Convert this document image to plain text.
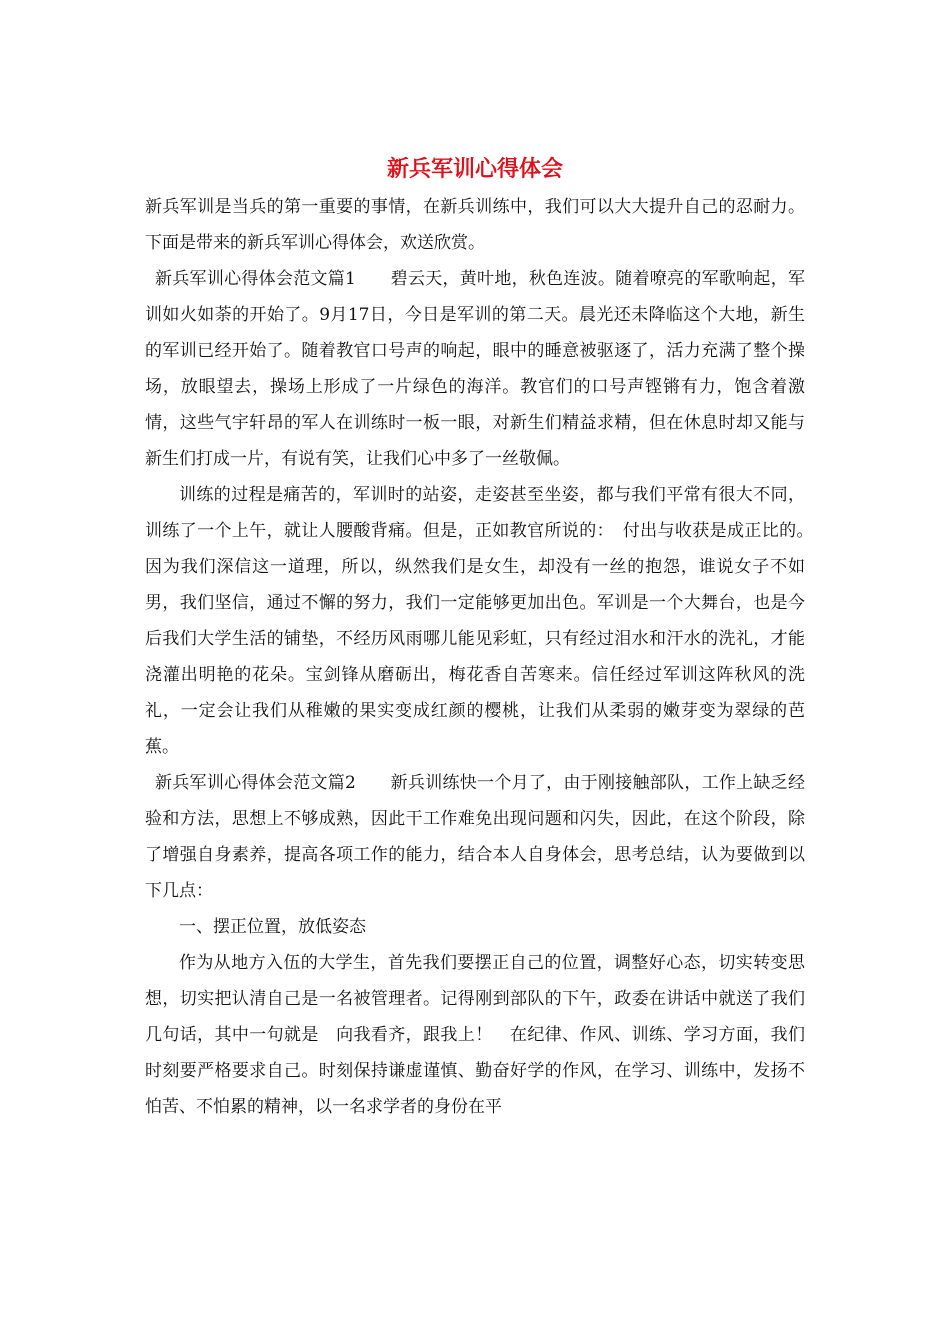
新兵军训心得体会

新兵军训是当兵的第一重要的事情，在新兵训练中，我们可以大大提升自己的忍耐力。下面是带来的新兵军训心得体会，欢送欣赏。

新兵军训心得体会范文篇1　　碧云天，黄叶地，秋色连波。随着嘹亮的军歌响起，军训如火如荼的开始了。9月17日，今日是军训的第二天。晨光还未降临这个大地，新生的军训已经开始了。随着教官口号声的响起，眼中的睡意被驱逐了，活力充满了整个操场，放眼望去，操场上形成了一片绿色的海洋。教官们的口号声铿锵有力，饱含着激情，这些气宇轩昂的军人在训练时一板一眼，对新生们精益求精，但在休息时却又能与新生们打成一片，有说有笑，让我们心中多了一丝敬佩。

训练的过程是痛苦的，军训时的站姿，走姿甚至坐姿，都与我们平常有很大不同，训练了一个上午，就让人腰酸背痛。但是，正如教官所说的：　付出与收获是成正比的。　因为我们深信这一道理，所以，纵然我们是女生，却没有一丝的抱怨，谁说女子不如男，我们坚信，通过不懈的努力，我们一定能够更加出色。军训是一个大舞台，也是今后我们大学生活的铺垫，不经历风雨哪儿能见彩虹，只有经过泪水和汗水的洗礼，才能浇灌出明艳的花朵。宝剑锋从磨砺出，梅花香自苦寒来。信任经过军训这阵秋风的洗礼，一定会让我们从稚嫩的果实变成红颜的樱桃，让我们从柔弱的嫩芽变为翠绿的芭蕉。

新兵军训心得体会范文篇2　　新兵训练快一个月了，由于刚接触部队，工作上缺乏经验和方法，思想上不够成熟，因此干工作难免出现问题和闪失，因此，在这个阶段，除了增强自身素养，提高各项工作的能力，结合本人自身体会，思考总结，认为要做到以下几点：

一、摆正位置，放低姿态

作为从地方入伍的大学生，首先我们要摆正自己的位置，调整好心态，切实转变思想，切实把认清自己是一名被管理者。记得刚到部队的下午，政委在讲话中就送了我们几句话，其中一句就是　向我看齐，跟我上！　在纪律、作风、训练、学习方面，我们时刻要严格要求自己。时刻保持谦虚谨慎、勤奋好学的作风，在学习、训练中，发扬不怕苦、不怕累的精神，以一名求学者的身份在平
